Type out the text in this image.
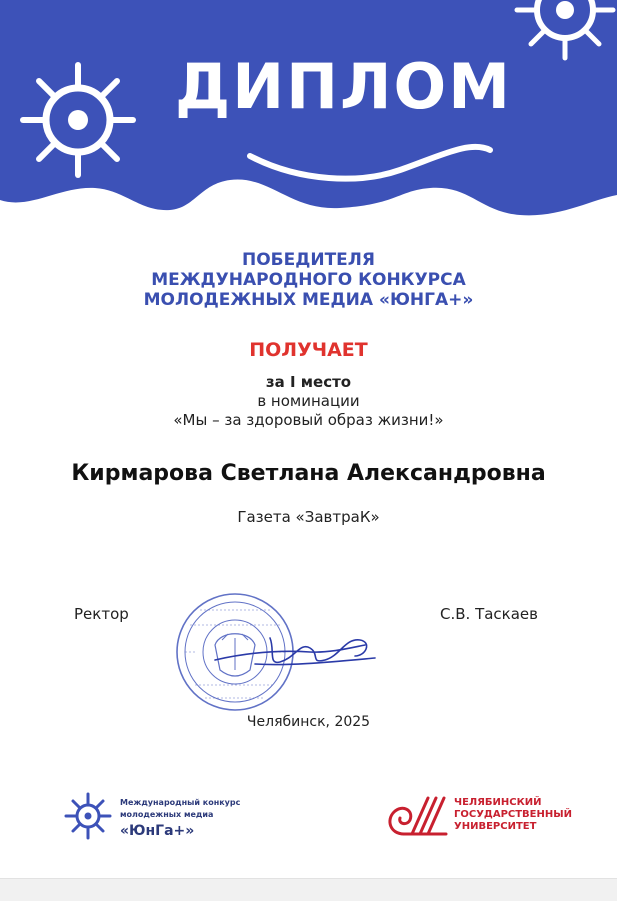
ДИПЛОМ
ПОБЕДИТЕЛЯ
МЕЖДУНАРОДНОГО КОНКУРСА
МОЛОДЕЖНЫХ МЕДИА «ЮНГА+»
ПОЛУЧАЕТ
за I место
в номинации
«Мы – за здоровый образ жизни!»
Кирмарова Светлана Александровна
Газета «ЗавтраК»
Ректор	С.В. Таскаев
Челябинск, 2025
Международный конкурс
молодежных медиа
«ЮнГа+»
ЧЕЛЯБИНСКИЙ
ГОСУДАРСТВЕННЫЙ
УНИВЕРСИТЕТ
